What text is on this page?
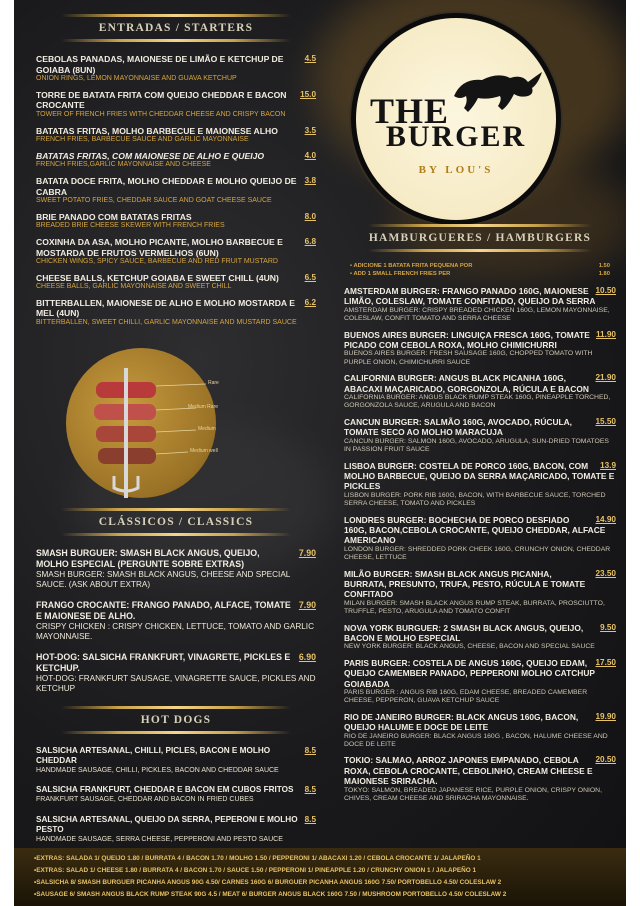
ENTRADAS / STARTERS
4.5
CEBOLAS PANADAS, MAIONESE DE LIMÃO E KETCHUP DE GOIABA (8UN)
ONION RINGS, LEMON MAYONNAISE AND GUAVA KETCHUP
15.0
TORRE DE BATATA FRITA COM QUEIJO CHEDDAR E BACON CROCANTE
TOWER OF FRENCH FRIES WITH CHEDDAR CHEESE AND CRISPY BACON
3.5
BATATAS FRITAS, MOLHO BARBECUE E MAIONESE ALHO
FRENCH FRIES, BARBECUE SAUCE AND GARLIC MAYONNAISE
4.0
BATATAS FRITAS, COM MAIONESE DE ALHO E QUEIJO
FRENCH FRIES,GARLIC MAYONNAISE AND CHEESE
3.8
BATATA DOCE FRITA, MOLHO CHEDDAR E MOLHO QUEIJO DE CABRA
SWEET POTATO FRIES, CHEDDAR SAUCE AND GOAT CHEESE SAUCE
8.0
BRIE PANADO COM BATATAS FRITAS
BREADED BRIE CHEESE SKEWER WITH FRENCH FRIES
6.8
COXINHA DA ASA, MOLHO PICANTE, MOLHO BARBECUE E MOSTARDA DE FRUTOS VERMELHOS (6UN)
CHICKEN WINGS, SPICY SAUCE, BARBECUE AND RED FRUIT MUSTARD
6.5
CHEESE BALLS, KETCHUP GOIABA E SWEET CHILL (4UN)
CHEESE BALLS, GARLIC MAYONNAISE AND SWEET CHILL
6.2
BITTERBALLEN, MAIONESE DE ALHO E MOLHO MOSTARDA E MEL (4UN)
BITTERBALLEN, SWEET CHILLI, GARLIC MAYONNAISE AND MUSTARD SAUCE
CLÁSSICOS / CLASSICS
7.90
SMASH BURGUER: SMASH BLACK ANGUS, QUEIJO, MOLHO ESPECIAL (PERGUNTE SOBRE EXTRAS)
SMASH BURGER: SMASH BLACK ANGUS, CHEESE AND SPECIAL SAUCE. (ASK ABOUT EXTRA)
7.90
FRANGO CROCANTE: FRANGO PANADO, ALFACE, TOMATE E MAIONESE DE ALHO.
CRISPY CHICKEN : CRISPY CHICKEN, LETTUCE, TOMATO AND GARLIC MAYONNAISE.
6.90
HOT-DOG: SALSICHA FRANKFURT, VINAGRETE, PICKLES E KETCHUP.
HOT-DOG: FRANKFURT SAUSAGE, VINAGRETTE SAUCE, PICKLES AND KETCHUP
HOT DOGS
8.5
SALSICHA ARTESANAL, CHILLI, PICLES, BACON E MOLHO CHEDDAR
HANDMADE SAUSAGE, CHILLI, PICKLES, BACON AND CHEDDAR SAUCE
8.5
SALSICHA FRANKFURT, CHEDDAR E BACON EM CUBOS FRITOS
FRANKFURT SAUSAGE, CHEDDAR AND BACON IN FRIED CUBES
8.5
SALSICHA ARTESANAL, QUEIJO DA SERRA, PEPERONI E MOLHO PESTO
HANDMADE SAUSAGE, SERRA CHEESE, PEPPERONI AND PESTO SAUCE
Rare
Medium Rare
Medium
Medium well
THE
BURGER
BY LOU'S
HAMBURGUERES / HAMBURGERS
• ADICIONE 1 BATATA FRITA PEQUENA POR	1.50
• ADD 1 SMALL FRENCH FRIES PER	1.80
10.50
AMSTERDAM BURGER: FRANGO PANADO 160G, MAIONESE LIMÃO, COLESLAW, TOMATE CONFITADO, QUEIJO DA SERRA
AMSTERDAM BURGER: CRISPY BREADED CHICKEN 160G, LEMON MAYONNAISE, COLESLAW, CONFIT TOMATO AND SERRA CHEESE
11.90
BUENOS AIRES BURGER: LINGUIÇA FRESCA 160G, TOMATE PICADO COM CEBOLA ROXA, MOLHO CHIMICHURRI
BUENOS AIRES BURGER: FRESH SAUSAGE 160G, CHOPPED TOMATO WITH PURPLE ONION, CHIMICHURRI SAUCE
21.90
CALIFORNIA BURGER: ANGUS BLACK PICANHA 160G, ABACAXI MAÇARICADO, GORGONZOLA, RÚCULA E BACON
CALIFORNIA BURGER: ANGUS BLACK RUMP STEAK 160G, PINEAPPLE TORCHED, GORGONZOLA SAUCE, ARUGULA AND BACON
15.50
CANCUN BURGER: SALMÃO 160G, AVOCADO, RÚCULA, TOMATE SECO AO MOLHO MARACUJA
CANCUN BURGER: SALMON 160G, AVOCADO, ARUGULA, SUN-DRIED TOMATOES IN PASSION FRUIT SAUCE
13.9
LISBOA BURGER: COSTELA DE PORCO 160G, BACON, COM MOLHO BARBECUE, QUEIJO DA SERRA MAÇARICADO, TOMATE E PICKLES
LISBON BURGER: PORK RIB 160G, BACON, WITH BARBECUE SAUCE, TORCHED SERRA CHEESE, TOMATO AND PICKLES
14.90
LONDRES BURGER: BOCHECHA DE PORCO DESFIADO 160G, BACON,CEBOLA CROCANTE, QUEIJO CHEDDAR, ALFACE AMERICANO
LONDON BURGER: SHREDDED PORK CHEEK 160G, CRUNCHY ONION, CHEDDAR CHEESE, LETTUCE
23.50
MILÃO BURGER: SMASH BLACK ANGUS PICANHA, BURRATA, PRESUNTO, TRUFA, PESTO, RÚCULA E TOMATE CONFITADO
MILAN BURGER: SMASH BLACK ANGUS RUMP STEAK, BURRATA, PROSCIUTTO, TRUFFLE, PESTO, ARUGULA AND TOMATO CONFIT
9.50
NOVA YORK BURGUER: 2 SMASH BLACK ANGUS, QUEIJO, BACON E MOLHO ESPECIAL
NEW YORK BURGER: BLACK ANGUS, CHEESE, BACON AND SPECIAL SAUCE
17.50
PARIS BURGER: COSTELA DE ANGUS 160G, QUEIJO EDAM, QUEIJO CAMEMBER PANADO, PEPPERONI MOLHO CATCHUP GOIABADA
PARIS BURGER : ANGUS RIB 160G, EDAM CHEESE, BREADED CAMEMBER CHEESE, PEPPERON, GUAVA KETCHUP SAUCE
19.90
RIO DE JANEIRO BURGER: BLACK ANGUS 160G, BACON, QUEIJO HALUME E DOCE DE LEITE
RIO DE JANEIRO BURGER: BLACK ANGUS 160G , BACON, HALUME CHEESE AND DOCE DE LEITE
20.50
TOKIO: SALMAO, ARROZ JAPONES EMPANADO, CEBOLA ROXA, CEBOLA CROCANTE, CEBOLINHO, CREAM CHEESE E MAIONESE SRIRACHA.
TOKYO: SALMON, BREADED JAPANESE RICE, PURPLE ONION, CRISPY ONION, CHIVES, CREAM CHEESE AND SRIRACHA MAYONNAISE.
• EXTRAS: SALADA 1/ QUEIJO 1.80 / BURRATA 4 / BACON 1.70 / MOLHO 1.50 / PEPPERONI 1/ ABACAXI 1.20 / CEBOLA CROCANTE 1/ JALAPEÑO 1
• EXTRAS: SALAD 1/ CHEESE 1.80 / BURRATA 4 / BACON 1.70 / SAUCE 1.50 / PEPPERONI 1/ PINEAPPLE 1.20 / CRUNCHY ONION 1 / JALAPEÑO 1
• SALSICHA 8/ SMASH BURGUER PICANHA ANGUS 90G 4.50/ CARNES 160G 6/ BURGUER PICANHA ANGUS 160G 7.50/ PORTOBELLO 4.50/ COLESLAW 2
• SAUSAGE 6/ SMASH ANGUS BLACK RUMP STEAK 90G 4.5 / MEAT 6/ BURGER ANGUS BLACK 160G 7.50 / MUSHROOM PORTOBELLO 4.50/ COLESLAW 2
